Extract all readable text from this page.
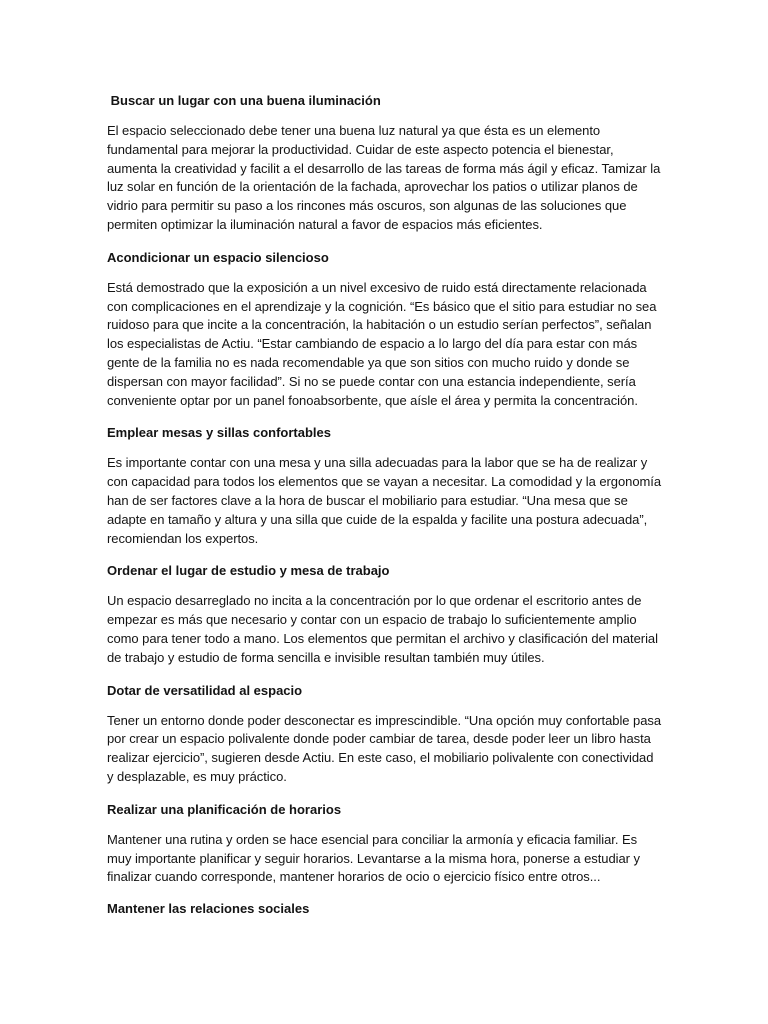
Buscar un lugar con una buena iluminación

El espacio seleccionado debe tener una buena luz natural ya que ésta es un elemento fundamental para mejorar la productividad. Cuidar de este aspecto potencia el bienestar, aumenta la creatividad y facilit a el desarrollo de las tareas de forma más ágil y eficaz. Tamizar la luz solar en función de la orientación de la fachada, aprovechar los patios o utilizar planos de vidrio para permitir su paso a los rincones más oscuros, son algunas de las soluciones que permiten optimizar la iluminación natural a favor de espacios más eficientes.

Acondicionar un espacio silencioso

Está demostrado que la exposición a un nivel excesivo de ruido está directamente relacionada con complicaciones en el aprendizaje y la cognición. “Es básico que el sitio para estudiar no sea ruidoso para que incite a la concentración, la habitación o un estudio serían perfectos”, señalan los especialistas de Actiu. “Estar cambiando de espacio a lo largo del día para estar con más gente de la familia no es nada recomendable ya que son sitios con mucho ruido y donde se dispersan con mayor facilidad”. Si no se puede contar con una estancia independiente, sería conveniente optar por un panel fonoabsorbente, que aísle el área y permita la concentración.

Emplear mesas y sillas confortables

Es importante contar con una mesa y una silla adecuadas para la labor que se ha de realizar y con capacidad para todos los elementos que se vayan a necesitar. La comodidad y la ergonomía han de ser factores clave a la hora de buscar el mobiliario para estudiar. “Una mesa que se adapte en tamaño y altura y una silla que cuide de la espalda y facilite una postura adecuada”, recomiendan los expertos.

Ordenar el lugar de estudio y mesa de trabajo

Un espacio desarreglado no incita a la concentración por lo que ordenar el escritorio antes de empezar es más que necesario y contar con un espacio de trabajo lo suficientemente amplio como para tener todo a mano. Los elementos que permitan el archivo y clasificación del material de trabajo y estudio de forma sencilla e invisible resultan también muy útiles.

Dotar de versatilidad al espacio

Tener un entorno donde poder desconectar es imprescindible. “Una opción muy confortable pasa por crear un espacio polivalente donde poder cambiar de tarea, desde poder leer un libro hasta realizar ejercicio”, sugieren desde Actiu. En este caso, el mobiliario polivalente con conectividad y desplazable, es muy práctico.

Realizar una planificación de horarios

Mantener una rutina y orden se hace esencial para conciliar la armonía y eficacia familiar. Es muy importante planificar y seguir horarios. Levantarse a la misma hora, ponerse a estudiar y finalizar cuando corresponde, mantener horarios de ocio o ejercicio físico entre otros...

Mantener las relaciones sociales
